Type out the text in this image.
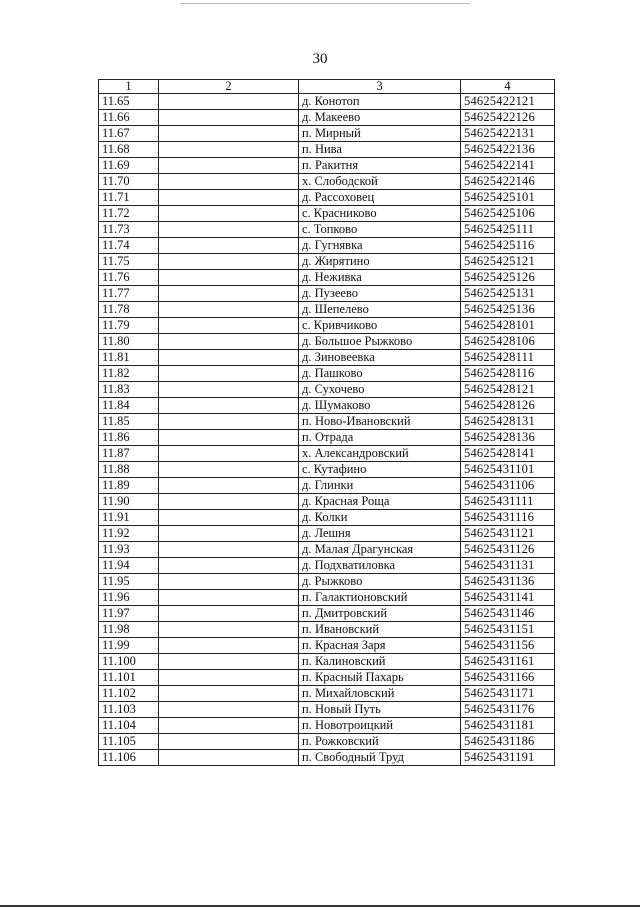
30
1	2	3	4
11.65		д. Конотоп	54625422121
11.66		д. Макеево	54625422126
11.67		п. Мирный	54625422131
11.68		п. Нива	54625422136
11.69		п. Ракитня	54625422141
11.70		х. Слободской	54625422146
11.71		д. Рассоховец	54625425101
11.72		с. Красниково	54625425106
11.73		с. Топково	54625425111
11.74		д. Гугнявка	54625425116
11.75		д. Жирятино	54625425121
11.76		д. Неживка	54625425126
11.77		д. Пузеево	54625425131
11.78		д. Шепелево	54625425136
11.79		с. Кривчиково	54625428101
11.80		д. Большое Рыжково	54625428106
11.81		д. Зиновеевка	54625428111
11.82		д. Пашково	54625428116
11.83		д. Сухочево	54625428121
11.84		д. Шумаково	54625428126
11.85		п. Ново-Ивановский	54625428131
11.86		п. Отрада	54625428136
11.87		х. Александровский	54625428141
11.88		с. Кутафино	54625431101
11.89		д. Глинки	54625431106
11.90		д. Красная Роща	54625431111
11.91		д. Колки	54625431116
11.92		д. Лешня	54625431121
11.93		д. Малая Драгунская	54625431126
11.94		д. Подхватиловка	54625431131
11.95		д. Рыжково	54625431136
11.96		п. Галактионовский	54625431141
11.97		п. Дмитровский	54625431146
11.98		п. Ивановский	54625431151
11.99		п. Красная Заря	54625431156
11.100		п. Калиновский	54625431161
11.101		п. Красный Пахарь	54625431166
11.102		п. Михайловский	54625431171
11.103		п. Новый Путь	54625431176
11.104		п. Новотроицкий	54625431181
11.105		п. Рожковский	54625431186
11.106		п. Свободный Труд	54625431191
